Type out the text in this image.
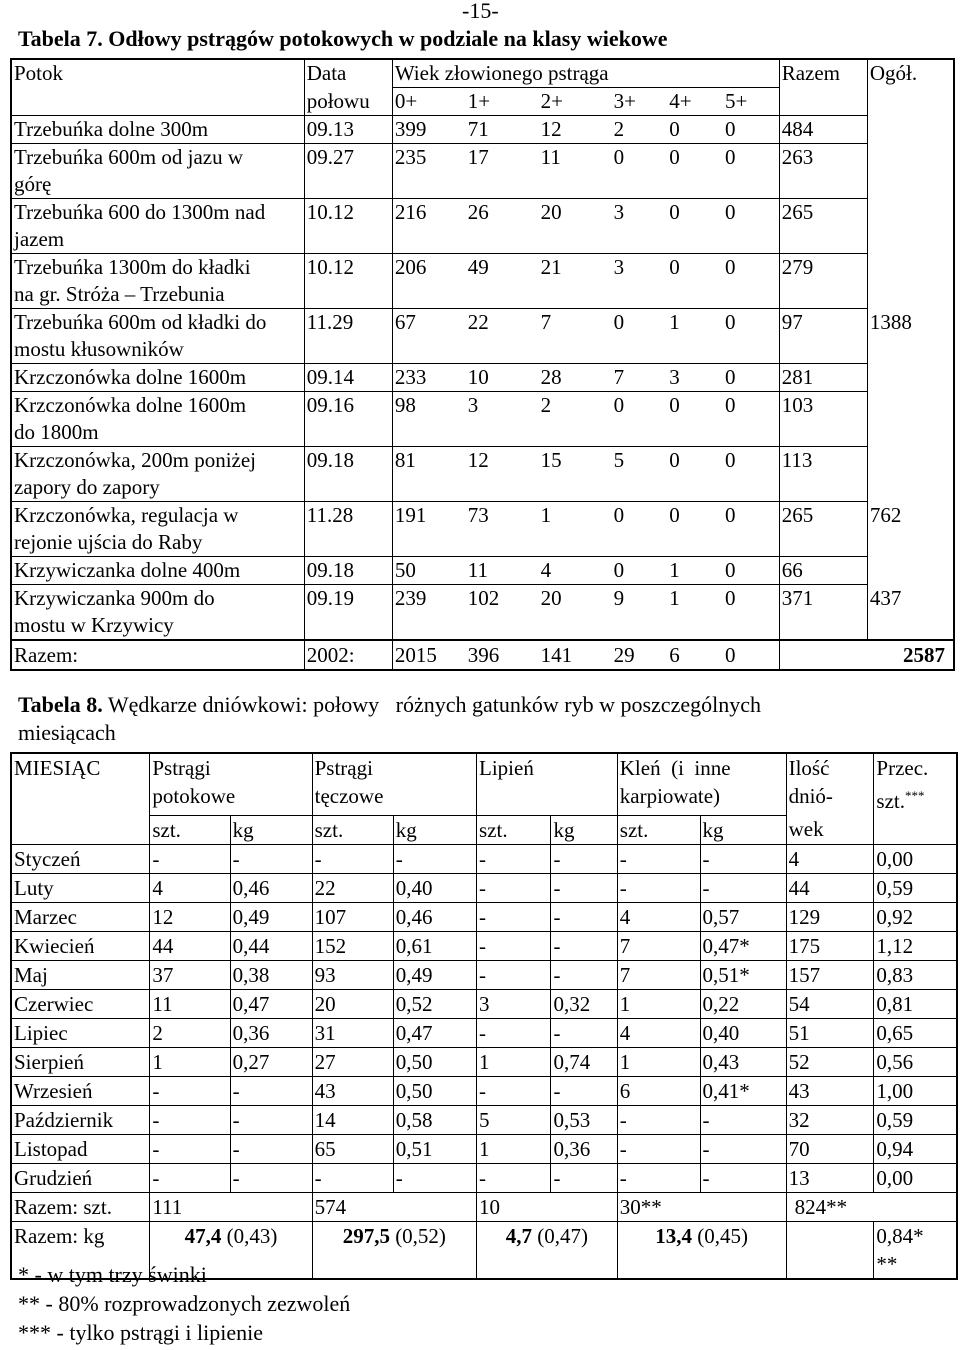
-15-
Tabela 7. Odłowy pstrągów potokowych w podziale na klasy wiekowe
Potok	Data	Wiek złowionego pstrąga						Razem	Ogół.
	połowu	0+	1+	2+	3+	4+	5+		
Trzebuńka dolne 300m	09.13	399	71	12	2	0	0	484	
Trzebuńka 600m od jazu w	09.27	235	17	11	0	0	0	263	
górę									
Trzebuńka 600 do 1300m nad	10.12	216	26	20	3	0	0	265	
jazem									
Trzebuńka 1300m do kładki	10.12	206	49	21	3	0	0	279	
na gr. Stróża – Trzebunia									
Trzebuńka 600m od kładki do	11.29	67	22	7	0	1	0	97	1388
mostu kłusowników									
Krzczonówka dolne 1600m	09.14	233	10	28	7	3	0	281	
Krzczonówka dolne 1600m	09.16	98	3	2	0	0	0	103	
do 1800m									
Krzczonówka, 200m poniżej	09.18	81	12	15	5	0	0	113	
zapory do zapory									
Krzczonówka, regulacja w	11.28	191	73	1	0	0	0	265	762
rejonie ujścia do Raby									
Krzywiczanka dolne 400m	09.18	50	11	4	0	1	0	66	
Krzywiczanka 900m do	09.19	239	102	20	9	1	0	371	437
mostu w Krzywicy									
Razem:	2002:	2015	396	141	29	6	0	2587	
Tabela 8. Wędkarze dniówkowi: połowy   różnych gatunków ryb w poszczególnych
miesiącach
MIESIĄC	Pstrągi		Pstrągi		Lipień		Kleń  (i  inne		Ilość	Przec.
	potokowe		tęczowe				karpiowate)		dnió-	szt.***
	szt.	kg	szt.	kg	szt.	kg	szt.	kg	wek	
Styczeń	-	-	-	-	-	-	-	-	4	0,00
Luty	4	0,46	22	0,40	-	-	-	-	44	0,59
Marzec	12	0,49	107	0,46	-	-	4	0,57	129	0,92
Kwiecień	44	0,44	152	0,61	-	-	7	0,47*	175	1,12
Maj	37	0,38	93	0,49	-	-	7	0,51*	157	0,83
Czerwiec	11	0,47	20	0,52	3	0,32	1	0,22	54	0,81
Lipiec	2	0,36	31	0,47	-	-	4	0,40	51	0,65
Sierpień	1	0,27	27	0,50	1	0,74	1	0,43	52	0,56
Wrzesień	-	-	43	0,50	-	-	6	0,41*	43	1,00
Październik	-	-	14	0,58	5	0,53	-	-	32	0,59
Listopad	-	-	65	0,51	1	0,36	-	-	70	0,94
Grudzień	-	-	-	-	-	-	-	-	13	0,00
Razem: szt.	111		574		10		30**		824**	
Razem: kg	47,4 (0,43)		297,5 (0,52)		4,7 (0,47)		13,4 (0,45)			0,84*
										**
* - w tym trzy świnki
** - 80% rozprowadzonych zezwoleń
*** - tylko pstrągi i lipienie
